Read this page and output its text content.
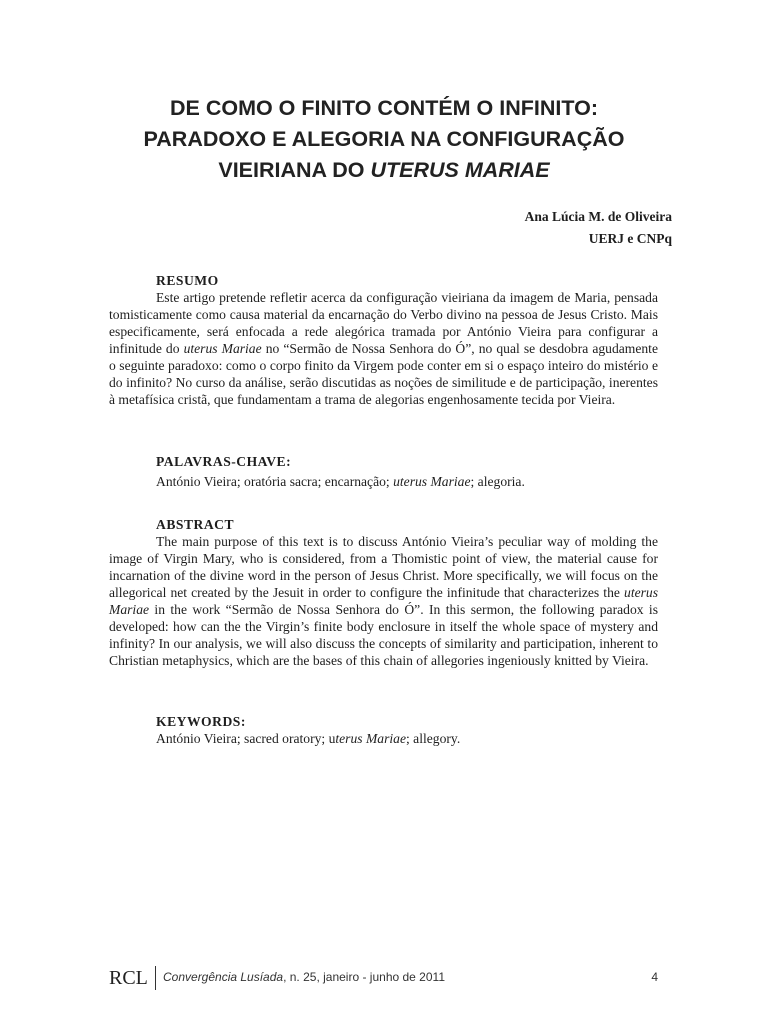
DE COMO O FINITO CONTÉM O INFINITO:
PARADOXO E ALEGORIA NA CONFIGURAÇÃO
VIEIRIANA DO UTERUS MARIAE
Ana Lúcia M. de Oliveira
UERJ e CNPq
RESUMO

Este artigo pretende refletir acerca da configuração vieiriana da imagem de Maria, pensada tomisticamente como causa material da encarnação do Verbo divino na pessoa de Jesus Cristo. Mais especificamente, será enfocada a rede alegórica tramada por António Vieira para configurar a infinitude do uterus Mariae no “Sermão de Nossa Senhora do Ó”, no qual se desdobra agudamente o seguinte paradoxo: como o corpo finito da Virgem pode conter em si o espaço inteiro do mistério e do infinito? No curso da análise, serão discutidas as noções de similitude e de participação, inerentes à metafísica cristã, que fundamentam a trama de alegorias engenhosamente tecida por Vieira.

PALAVRAS-CHAVE:

António Vieira; oratória sacra; encarnação; uterus Mariae; alegoria.

ABSTRACT

The main purpose of this text is to discuss António Vieira’s peculiar way of molding the image of Virgin Mary, who is considered, from a Thomistic point of view, the material cause for incarnation of the divine word in the person of Jesus Christ. More specifically, we will focus on the allegorical net created by the Jesuit in order to configure the infinitude that characterizes the uterus Mariae in the work “Sermão de Nossa Senhora do Ó”. In this sermon, the following paradox is developed: how can the the Virgin’s finite body enclosure in itself the whole space of mystery and infinity? In our analysis, we will also discuss the concepts of similarity and participation, inherent to Christian metaphysics, which are the bases of this chain of allegories ingeniously knitted by Vieira.

KEYWORDS:

António Vieira; sacred oratory; uterus Mariae; allegory.

RCL Convergência Lusíada, n. 25, janeiro - junho de 2011	4
